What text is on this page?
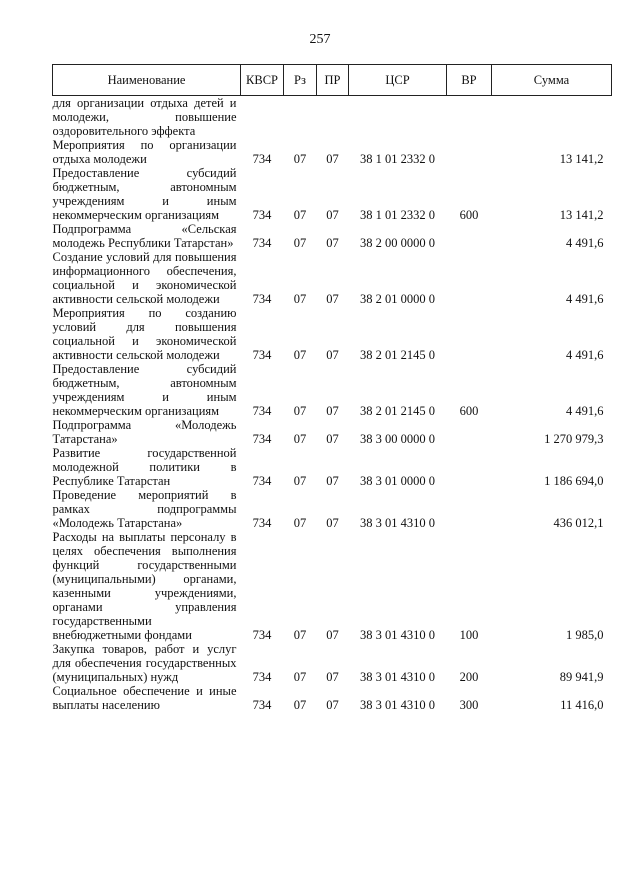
257
Наименование	КВСР	Рз	ПР	ЦСР	ВР	Сумма
для организации отдыха детей и молодежи, повышение оздоровительного эффекта						
Мероприятия по организации отдыха молодежи	734	07	07	38 1 01 2332 0		13 141,2
Предоставление субсидий бюджетным, автономным учреждениям и иным некоммерческим организациям	734	07	07	38 1 01 2332 0	600	13 141,2
Подпрограмма «Сельская молодежь Республики Татарстан»	734	07	07	38 2 00 0000 0		4 491,6
Создание условий для повышения информационного обеспечения, социальной и экономической активности сельской молодежи	734	07	07	38 2 01 0000 0		4 491,6
Мероприятия по созданию условий для повышения социальной и экономической активности сельской молодежи	734	07	07	38 2 01 2145 0		4 491,6
Предоставление субсидий бюджетным, автономным учреждениям и иным некоммерческим организациям	734	07	07	38 2 01 2145 0	600	4 491,6
Подпрограмма «Молодежь Татарстана»	734	07	07	38 3 00 0000 0		1 270 979,3
Развитие государственной молодежной политики в Республике Татарстан	734	07	07	38 3 01 0000 0		1 186 694,0
Проведение мероприятий в рамках подпрограммы «Молодежь Татарстана»	734	07	07	38 3 01 4310 0		436 012,1
Расходы на выплаты персоналу в целях обеспечения выполнения функций государственными (муниципальными) органами, казенными учреждениями, органами управления государственными внебюджетными фондами	734	07	07	38 3 01 4310 0	100	1 985,0
Закупка товаров, работ и услуг для обеспечения государственных (муниципальных) нужд	734	07	07	38 3 01 4310 0	200	89 941,9
Социальное обеспечение и иные выплаты населению	734	07	07	38 3 01 4310 0	300	11 416,0
